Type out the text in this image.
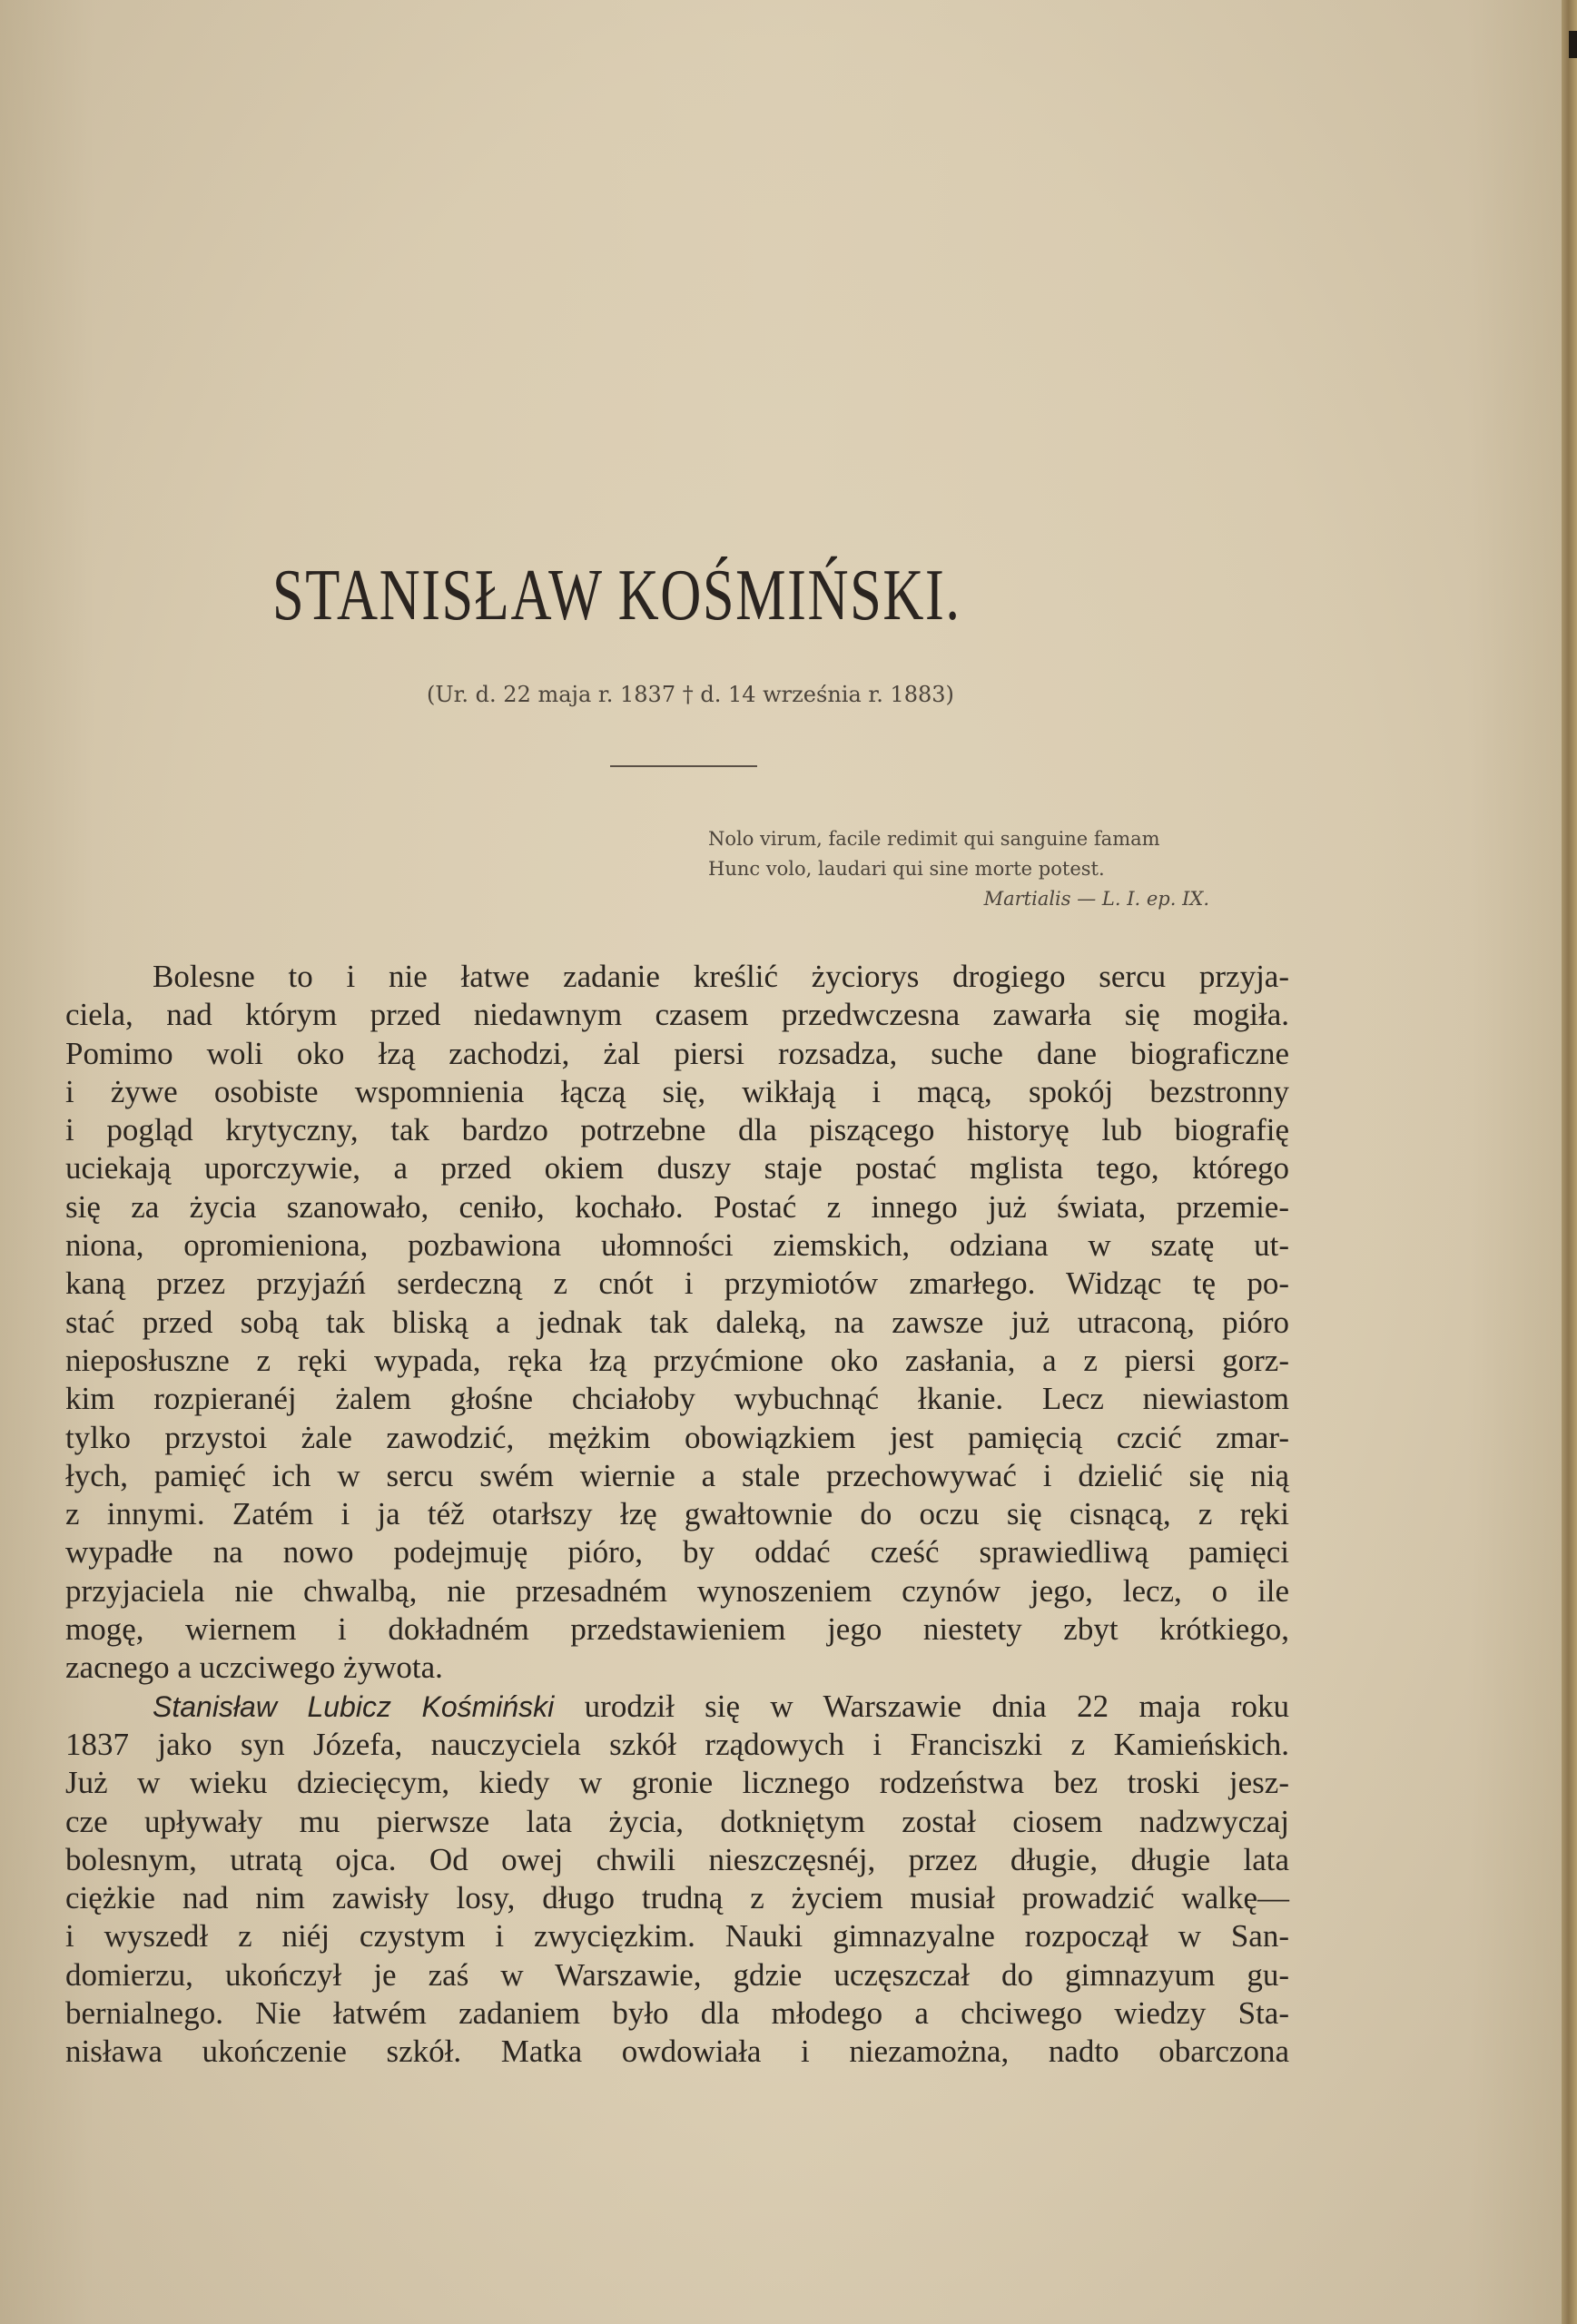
STANISŁAW KOŚMIŃSKI.
(Ur. d. 22 maja r. 1837 † d. 14 września r. 1883)
Nolo virum, facile redimit qui sanguine famam
Hunc volo, laudari qui sine morte potest.
Martialis — L. I. ep. IX.
Bolesne to i nie łatwe zadanie kreślić życiorys drogiego sercu przyja-
ciela, nad którym przed niedawnym czasem przedwczesna zawarła się mogiła.
Pomimo woli oko łzą zachodzi, żal piersi rozsadza, suche dane biograficzne
i żywe osobiste wspomnienia łączą się, wikłają i mącą, spokój bezstronny
i pogląd krytyczny, tak bardzo potrzebne dla piszącego historyę lub biografię
uciekają uporczywie, a przed okiem duszy staje postać mglista tego, którego
się za życia szanowało, ceniło, kochało. Postać z innego już świata, przemie-
niona, opromieniona, pozbawiona ułomności ziemskich, odziana w szatę ut-
kaną przez przyjaźń serdeczną z cnót i przymiotów zmarłego. Widząc tę po-
stać przed sobą tak bliską a jednak tak daleką, na zawsze już utraconą, pióro
nieposłuszne z ręki wypada, ręka łzą przyćmione oko zasłania, a z piersi gorz-
kim rozpieranéj żalem głośne chciałoby wybuchnąć łkanie. Lecz niewiastom
tylko przystoi żale zawodzić, mężkim obowiązkiem jest pamięcią czcić zmar-
łych, pamięć ich w sercu swém wiernie a stale przechowywać i dzielić się nią
z innymi. Zatém i ja též otarłszy łzę gwałtownie do oczu się cisnącą, z ręki
wypadłe na nowo podejmuję pióro, by oddać cześć sprawiedliwą pamięci
przyjaciela nie chwalbą, nie przesadném wynoszeniem czynów jego, lecz, o ile
mogę, wiernem i dokładném przedstawieniem jego niestety zbyt krótkiego,
zacnego a uczciwego żywota.
Stanisław Lubicz Kośmiński urodził się w Warszawie dnia 22 maja roku
1837 jako syn Józefa, nauczyciela szkół rządowych i Franciszki z Kamieńskich.
Już w wieku dziecięcym, kiedy w gronie licznego rodzeństwa bez troski jesz-
cze upływały mu pierwsze lata życia, dotkniętym został ciosem nadzwyczaj
bolesnym, utratą ojca. Od owej chwili nieszczęsnéj, przez długie, długie lata
ciężkie nad nim zawisły losy, długo trudną z życiem musiał prowadzić walkę—
i wyszedł z niéj czystym i zwycięzkim. Nauki gimnazyalne rozpoczął w San-
domierzu, ukończył je zaś w Warszawie, gdzie uczęszczał do gimnazyum gu-
bernialnego. Nie łatwém zadaniem było dla młodego a chciwego wiedzy Sta-
nisława ukończenie szkół. Matka owdowiała i niezamożna, nadto obarczona
